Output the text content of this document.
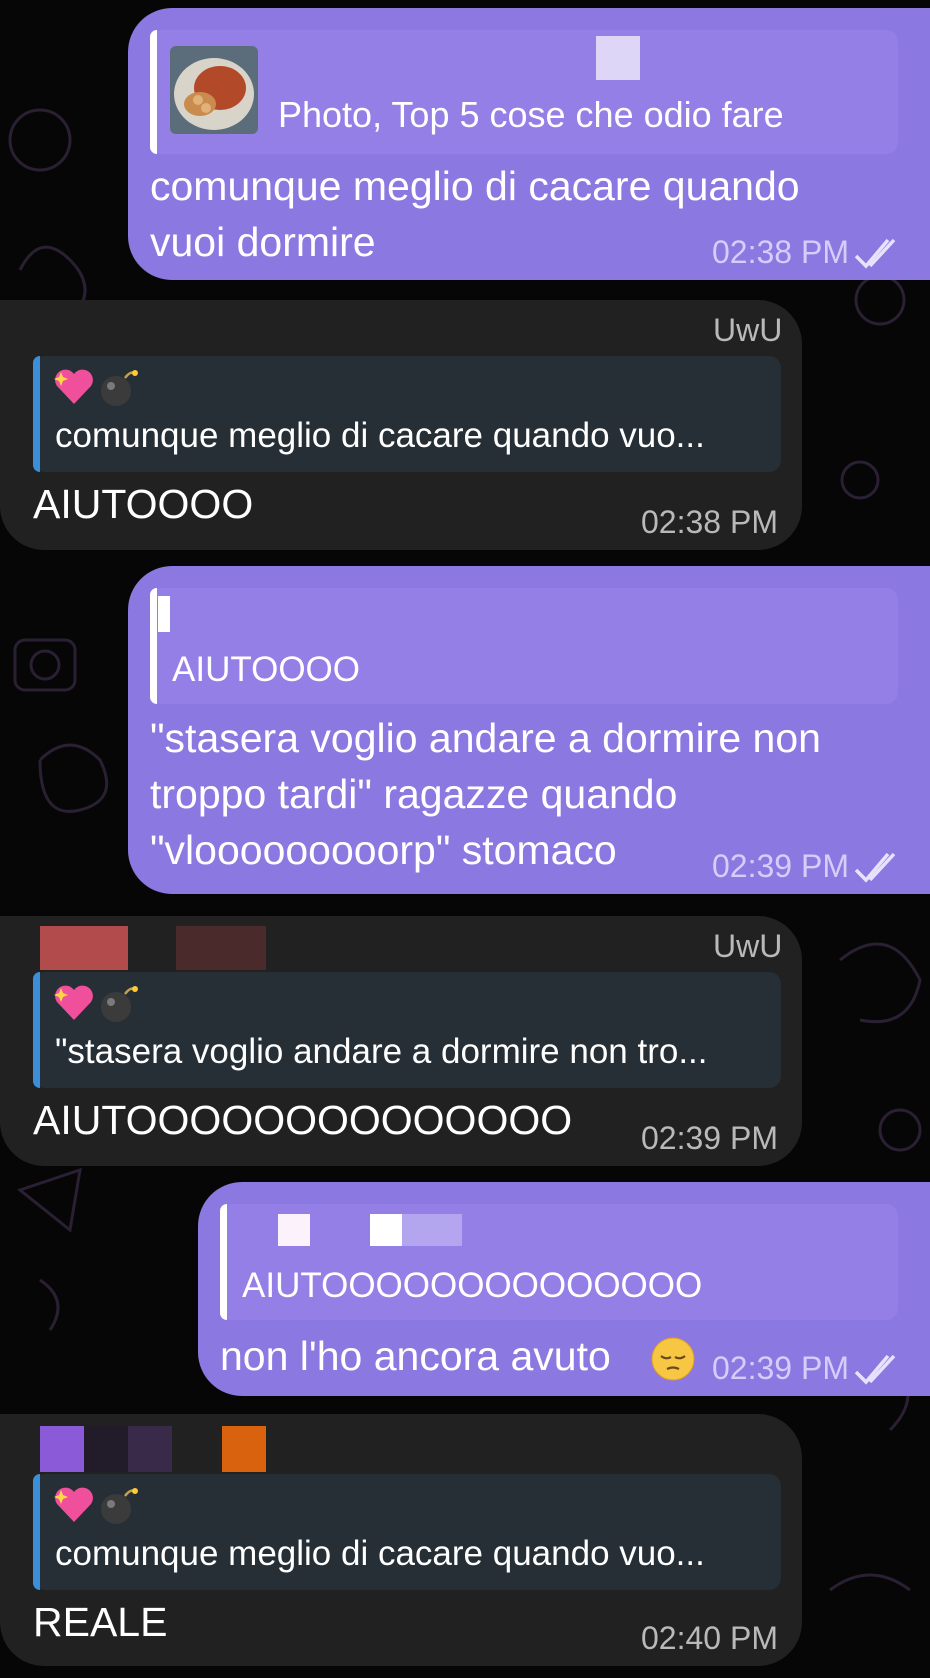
Photo, Top 5 cose che odio fare
comunque meglio di cacare quando
vuoi dormire	02:38 PM
UwU
comunque meglio di cacare quando vuo...
AIUTOOOO	02:38 PM
AIUTOOOO
"stasera voglio andare a dormire non
troppo tardi" ragazze quando
"vlooooooooorp" stomaco	02:39 PM
UwU
"stasera voglio andare a dormire non tro...
AIUTOOOOOOOOOOOOOO 02:39 PM
AIUTOOOOOOOOOOOOOO
non l'ho ancora avuto	02:39 PM
comunque meglio di cacare quando vuo...
REALE	02:40 PM
